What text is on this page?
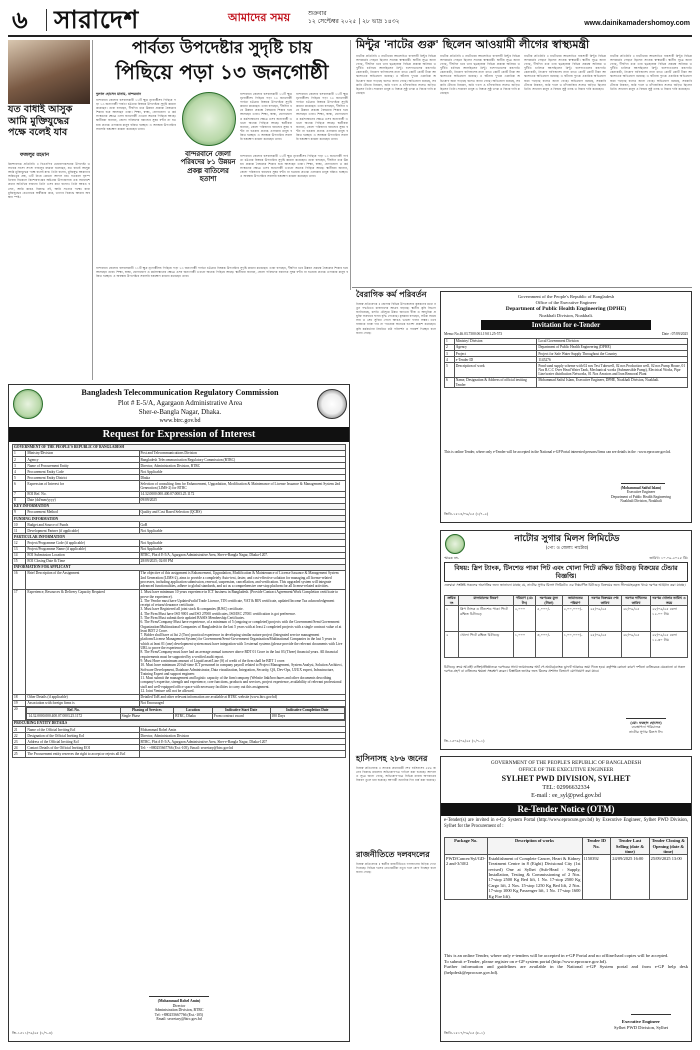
৬ সারাদেশ	আমাদের সময়	শুক্রবার
১২ সেপ্টেম্বর ২০২৫ | ২৮ ভাদ্র ১৪৩২	www.dainikamadershomoy.com
যত বাধাই আসুক আমি মুক্তিযুদ্ধের পক্ষে বলেই যাব
ফজলুর রহমান
কিশোরগঞ্জ প্রতিনিধি ॥ বিএনপির চেয়ারপারসনের উপদেষ্টা ও সাবেক সংসদ সদস্য ফজলুর রহমান বলেছেন, যত বাধাই আসুক আমি মুক্তিযুদ্ধের পক্ষে বলেই যাব। তিনি বলেন, মুক্তিযুদ্ধ আমাদের অস্তিত্বের প্রশ্ন, এটি নিয়ে কোনো আপস নয়। গতকাল বৃহস্পতিবার বিকেলে কিশোরগঞ্জের অষ্টগ্রাম উপজেলায় এক সমাবেশে প্রধান অতিথির বক্তব্যে তিনি এসব কথা বলেন। তিনি আরও বলেন, আমি কারও বিরুদ্ধে নই, আমি সত্যের পক্ষে। যারা মুক্তিযুদ্ধের চেতনাকে অস্বীকার করে, তাদের বিরুদ্ধে আমার অবস্থান স্পষ্ট।
পার্বত্য উপদেষ্টার সুদৃষ্টি চায়
পিছিয়ে পড়া ১৩ জনগোষ্ঠী
দুলাল হোসেন মানাম, বান্দরবান
বান্দরবান জেলায় বসবাসকারী ১১টি ক্ষুদ্র নৃগোষ্ঠীসহ পিছিয়ে পড়া ১৩ জনগোষ্ঠী পার্বত্য চট্টগ্রাম বিষয়ক উপদেষ্টার সুদৃষ্টি কামনা করেছেন। তারা বলছেন, দীর্ঘদিন ধরে উন্নয়ন প্রকল্পে বৈষম্যের শিকার হয়ে আসছেন তারা। শিক্ষা, স্বাস্থ্য, যোগাযোগ ও কর্মসংস্থানের ক্ষেত্রে এসব জনগোষ্ঠী এখনো অনেক পিছিয়ে আছে। স্থানীয়রা জানান, জেলা পরিষদের বরাদ্দের সুষম বণ্টন না হওয়ায় প্রত্যন্ত এলাকার মানুষ বঞ্চিত হচ্ছেন। এ অবস্থায় উপদেষ্টার সরাসরি হস্তক্ষেপ কামনা করেছেন তারা।
বান্দরবান জেলায় বসবাসকারী ১১টি ক্ষুদ্র নৃগোষ্ঠীসহ পিছিয়ে পড়া ১৩ জনগোষ্ঠী পার্বত্য চট্টগ্রাম বিষয়ক উপদেষ্টার সুদৃষ্টি কামনা করেছেন। তারা বলছেন, দীর্ঘদিন ধরে উন্নয়ন প্রকল্পে বৈষম্যের শিকার হয়ে আসছেন তারা। শিক্ষা, স্বাস্থ্য, যোগাযোগ ও কর্মসংস্থানের ক্ষেত্রে এসব জনগোষ্ঠী এখনো অনেক পিছিয়ে আছে। স্থানীয়রা জানান, জেলা পরিষদের বরাদ্দের সুষম বণ্টন না হওয়ায় প্রত্যন্ত এলাকার মানুষ বঞ্চিত হচ্ছেন। এ অবস্থায় উপদেষ্টার সরাসরি হস্তক্ষেপ কামনা করেছেন তারা।
বান্দরবান জেলায় বসবাসকারী ১১টি ক্ষুদ্র নৃগোষ্ঠীসহ পিছিয়ে পড়া ১৩ জনগোষ্ঠী পার্বত্য চট্টগ্রাম বিষয়ক উপদেষ্টার সুদৃষ্টি কামনা করেছেন। তারা বলছেন, দীর্ঘদিন ধরে উন্নয়ন প্রকল্পে বৈষম্যের শিকার হয়ে আসছেন তারা। শিক্ষা, স্বাস্থ্য, যোগাযোগ ও কর্মসংস্থানের ক্ষেত্রে এসব জনগোষ্ঠী এখনো অনেক পিছিয়ে আছে। স্থানীয়রা জানান, জেলা পরিষদের বরাদ্দের সুষম বণ্টন না হওয়ায় প্রত্যন্ত এলাকার মানুষ বঞ্চিত হচ্ছেন। এ অবস্থায় উপদেষ্টার সরাসরি হস্তক্ষেপ কামনা করেছেন তারা।
বান্দরবানে জেলা পরিষদের ৮১ উন্নয়ন প্রকল্প বাতিলের হতাশা
বান্দরবান জেলায় বসবাসকারী ১১টি ক্ষুদ্র নৃগোষ্ঠীসহ পিছিয়ে পড়া ১৩ জনগোষ্ঠী পার্বত্য চট্টগ্রাম বিষয়ক উপদেষ্টার সুদৃষ্টি কামনা করেছেন। তারা বলছেন, দীর্ঘদিন ধরে উন্নয়ন প্রকল্পে বৈষম্যের শিকার হয়ে আসছেন তারা। শিক্ষা, স্বাস্থ্য, যোগাযোগ ও কর্মসংস্থানের ক্ষেত্রে এসব জনগোষ্ঠী এখনো অনেক পিছিয়ে আছে। স্থানীয়রা জানান, জেলা পরিষদের বরাদ্দের সুষম বণ্টন না হওয়ায় প্রত্যন্ত এলাকার মানুষ বঞ্চিত হচ্ছেন। এ অবস্থায় উপদেষ্টার সরাসরি হস্তক্ষেপ কামনা করেছেন তারা।
বান্দরবান জেলায় বসবাসকারী ১১টি ক্ষুদ্র নৃগোষ্ঠীসহ পিছিয়ে পড়া ১৩ জনগোষ্ঠী পার্বত্য চট্টগ্রাম বিষয়ক উপদেষ্টার সুদৃষ্টি কামনা করেছেন। তারা বলছেন, দীর্ঘদিন ধরে উন্নয়ন প্রকল্পে বৈষম্যের শিকার হয়ে আসছেন তারা। শিক্ষা, স্বাস্থ্য, যোগাযোগ ও কর্মসংস্থানের ক্ষেত্রে এসব জনগোষ্ঠী এখনো অনেক পিছিয়ে আছে। স্থানীয়রা জানান, জেলা পরিষদের বরাদ্দের সুষম বণ্টন না হওয়ায় প্রত্যন্ত এলাকার মানুষ বঞ্চিত হচ্ছেন। এ অবস্থায় উপদেষ্টার সরাসরি হস্তক্ষেপ কামনা করেছেন তারা।
মিন্টুর 'নাটের গুরু' ছিলেন আওয়ামী লীগের স্বাস্থ্যমন্ত্রী
নাটোর প্রতিনিধি ॥ নাটোরের আলোচিত ব্যবসায়ী মিন্টুর বিভিন্ন অপকর্মের পেছনে ছিলেন সাবেক স্বাস্থ্যমন্ত্রী। স্থানীয় সূত্রে জানা গেছে, দীর্ঘদিন ধরে তার ছত্রছায়ায় বিভিন্ন প্রকল্পে অনিয়ম ও দুর্নীতি চালিয়ে আসছিলেন মিন্টু। হাসপাতালের যন্ত্রপাতি কেনাকাটা, নিয়োগ বাণিজ্যসহ নানা খাতে কোটি কোটি টাকা আত্মসাতের অভিযোগ রয়েছে। এ ঘটনায় দুদকে একাধিক অভিযোগ জমা পড়েছে বলেও জানা গেছে। অভিযোগ রয়েছে, সরকারি টেন্ডার নিয়ন্ত্রণ, জমি দখল ও চাঁদাবাজির সঙ্গেও জড়িত ছিলেন তিনি। সাধারণ মানুষ এ বিষয়ে সুষ্ঠু তদন্ত ও বিচার দাবি করেছেন।
নাটোর প্রতিনিধি ॥ নাটোরের আলোচিত ব্যবসায়ী মিন্টুর বিভিন্ন অপকর্মের পেছনে ছিলেন সাবেক স্বাস্থ্যমন্ত্রী। স্থানীয় সূত্রে জানা গেছে, দীর্ঘদিন ধরে তার ছত্রছায়ায় বিভিন্ন প্রকল্পে অনিয়ম ও দুর্নীতি চালিয়ে আসছিলেন মিন্টু। হাসপাতালের যন্ত্রপাতি কেনাকাটা, নিয়োগ বাণিজ্যসহ নানা খাতে কোটি কোটি টাকা আত্মসাতের অভিযোগ রয়েছে। এ ঘটনায় দুদকে একাধিক অভিযোগ জমা পড়েছে বলেও জানা গেছে। অভিযোগ রয়েছে, সরকারি টেন্ডার নিয়ন্ত্রণ, জমি দখল ও চাঁদাবাজির সঙ্গেও জড়িত ছিলেন তিনি। সাধারণ মানুষ এ বিষয়ে সুষ্ঠু তদন্ত ও বিচার দাবি করেছেন।
নাটোর প্রতিনিধি ॥ নাটোরের আলোচিত ব্যবসায়ী মিন্টুর বিভিন্ন অপকর্মের পেছনে ছিলেন সাবেক স্বাস্থ্যমন্ত্রী। স্থানীয় সূত্রে জানা গেছে, দীর্ঘদিন ধরে তার ছত্রছায়ায় বিভিন্ন প্রকল্পে অনিয়ম ও দুর্নীতি চালিয়ে আসছিলেন মিন্টু। হাসপাতালের যন্ত্রপাতি কেনাকাটা, নিয়োগ বাণিজ্যসহ নানা খাতে কোটি কোটি টাকা আত্মসাতের অভিযোগ রয়েছে। এ ঘটনায় দুদকে একাধিক অভিযোগ জমা পড়েছে বলেও জানা গেছে। অভিযোগ রয়েছে, সরকারি টেন্ডার নিয়ন্ত্রণ, জমি দখল ও চাঁদাবাজির সঙ্গেও জড়িত ছিলেন তিনি। সাধারণ মানুষ এ বিষয়ে সুষ্ঠু তদন্ত ও বিচার দাবি করেছেন।
নাটোর প্রতিনিধি ॥ নাটোরের আলোচিত ব্যবসায়ী মিন্টুর বিভিন্ন অপকর্মের পেছনে ছিলেন সাবেক স্বাস্থ্যমন্ত্রী। স্থানীয় সূত্রে জানা গেছে, দীর্ঘদিন ধরে তার ছত্রছায়ায় বিভিন্ন প্রকল্পে অনিয়ম ও দুর্নীতি চালিয়ে আসছিলেন মিন্টু। হাসপাতালের যন্ত্রপাতি কেনাকাটা, নিয়োগ বাণিজ্যসহ নানা খাতে কোটি কোটি টাকা আত্মসাতের অভিযোগ রয়েছে। এ ঘটনায় দুদকে একাধিক অভিযোগ জমা পড়েছে বলেও জানা গেছে। অভিযোগ রয়েছে, সরকারি টেন্ডার নিয়ন্ত্রণ, জমি দখল ও চাঁদাবাজির সঙ্গেও জড়িত ছিলেন তিনি। সাধারণ মানুষ এ বিষয়ে সুষ্ঠু তদন্ত ও বিচার দাবি করেছেন।
বৈরাগিক কর্ম পরিবর্তন
নিজস্ব প্রতিবেদক ॥ জেলার বিভিন্ন উপজেলায় কৃষকদের মধ্যে নতুন পদ্ধতিতে চাষাবাদের আগ্রহ বাড়ছে। স্থানীয় কৃষি বিভাগ জানিয়েছে, চলতি মৌসুমে উন্নত জাতের বীজ ও আধুনিক প্রযুক্তি ব্যবহারে ফলন বৃদ্ধি পেয়েছে। কৃষকরা বলছেন, সঠিক সময়ে সার ও সেচ সুবিধা পেলে আরও ভালো ফলন সম্ভব। তবে বাজারে ন্যায্য দাম না পাওয়ায় অনেকে হতাশা প্রকাশ করেছেন। কৃষি কর্মকর্তারা নিয়মিত মাঠ পরিদর্শন ও পরামর্শ দিচ্ছেন বলে জানা গেছে।
হাসিনাসহ ২৮৬ জনের
নিজস্ব প্রতিবেদক ॥ সাবেক প্রধানমন্ত্রী শেখ হাসিনাসহ ২৮৬ জনের বিরুদ্ধে মামলার অভিযোগপত্র দাখিল করা হয়েছে। আদালত সূত্রে জানা গেছে, অভিযোগপত্রে বিভিন্ন ধারায় অপরাধের বিবরণ তুলে ধরা হয়েছে। আগামী শুনানির দিন ধার্য করা হয়েছে।
রাজনীতিতে দলবদলের
নিজস্ব প্রতিবেদক ॥ স্থানীয় রাজনীতিতে দলবদলের হিড়িক দেখা দিয়েছে। বিভিন্ন দলের নেতাকর্মীরা নতুন দলে যোগ দিচ্ছেন বলে জানা গেছে।
Bangladesh Telecommunication Regulatory Commission
Plot # E-5/A, Agargaon Administrative Area
Sher-e-Bangla Nagar, Dhaka.
www.btrc.gov.bd
Request for Expression of Interest
GOVERNMENT OF THE PEOPLE'S REPUBLIC OF BANGLADESH
1	Ministry/Division	Post and Telecommunications Division
2	Agency	Bangladesh Telecommunication Regulatory Commission (BTRC)
3	Name of Procurement Entity	Director, Administration Division, BTRC
4	Procurement Entity Code	Not Applicable
5	Procurement Entity District	Dhaka
6	Expression of Interest for	Selection of consulting firm for Enhancement, Upgradation, Modification & Maintenance of License Issuance & Management System 2nd Generation (LIMS-2) for BTRC
7	EOI Ref. No.	14.32.0000.000.400.07.0003.25.1172
8	Date (dd/mm/yyyy)	09/09/2025
KEY INFORMATION
9	Procurement Method	Quality and Cost Based Selection (QCBS)
FUNDING INFORMATION
10	Budget and Source of Funds	GoB
11	Development Partner (if applicable)	Not Applicable
PARTICULAR INFORMATION
12	Project/Programme Code (if applicable)	Not Applicable
13	Project/Programme Name (if applicable)	Not Applicable
14	EOI Submission Location	BTRC, Plot # E-5/A, Agargaon Administrative Area, Sher-e-Bangla Nagar, Dhaka-1207.
15	EOI Closing Date & Time	28/09/2025; 02:00 PM
INFORMATION FOR APPLICANT
16	Brief Description of the Assignment	The objective of this assignment is Enhancement, Upgradation, Modification & Maintenance of License Issuance & Management System 2nd Generation (LIMS-2), aims to provide a completely Auto-text, faster, and cost-effective solution for managing all license-related processes, including application submission, renewal, suspension, cancellation, and verification. This upgraded system will integrate advanced functionalities, adhere to global standards, and act as a comprehensive one-stop platform for all license-related activities.
17	Experience, Resources & Delivery Capacity Required	1. Must have minimum 10 years experience in ICT business in Bangladesh. (Provide Contract Agreement/Work Completion certificate to prove the experience).
2. The Vendor must have Updated/valid Trade Licence, TIN certificate, VAT & BIN certificate, updated Income Tax acknowledgement receipt of return/clearance certificate.
3. Must have Registered all joint stock & companies (RJSC) certificate.
4. The Firm Must have ISO 9001 and ISO 27000 certificates, ISO/IEC 27001 certification is got preference.
5. The Firm Must submit their updated BASIS Membership Certificates.
6. The Firm/Company Must have experience, of a minimum of 5 (ongoing or completed) projects with the Government/Semi Government Organization/Multinational Companies of Bangladesh in the last 5 years with at least 2 completed projects with a single contract value of at least BDT 2 Crore.
7. Bidder shall have at list 2 (Two) practical experience in developing similar nature project (Integrated service management platform/License Management System) for Government/Semi-Government Organization/Multinational Companies in the last 5 years in which at least 01 (one) development system must have integration with 3 external systems (please provide the relevant documents with Live URL to prove the experience).
8. The Firm/Company must have had an average annual turnover above BDT 01 Crore in the last 03 (Three) financial years. All financial requirements must be supported by a verified audit report.
9. Must Have a minimum amount of Liquid asset/Line (S) of credit of the firm shall be BDT 1 crore.
10. Must have minimum 20 full-time ICT personnel in company payroll related to Project Management, System Analyst, Solution Architect, Software Development, Database Administrator, Data visualization, Integration, Security, QA, Dev-Ops, UI/UX expert, Infrastructure, Training Expert and support engineer.
11. Must submit the management and logistic capacity of the firm/company (Website link/brochures and other documents describing company's expertise, strength and experience, core functions, products and services, project experience, availability of relevant professional staff and well-equipped office space with necessary facilities to carry out this assignment.
12. Joint Venture will not be allowed.

18	Other Details (if applicable)	Detailed ToR and other relevant information are available at BTRC website (www.btrc.gov.bd)
19	Association with foreign firms is	Not Encouraged
20		Ref. No.	Phasing of Services	Location	Indicative Start Date	Indicative Completion Date
14.32.0000.000.400.07.0003.25.1172	Single Phase	BTRC, Dhaka	From contract award	180 Days

PROCURING ENTITY DETAILS
21	Name of the Official Inviting EoI	Mohammad Rohel Amin
22	Designation of the Official Inviting EoI	Director, Administration Division
23	Address of the Official Inviting EoI	BTRC, Plot # E-5/A, Agargaon Administrative Area, Sher-e-Bangla Nagar, Dhaka-1207
24	Contact Details of the Official Inviting EOI	Tel: - +880255667766 (Ext.-105), Email: secretary@btrc.gov.bd
25	The Procurement entity reserves the right to accept or rejects all EoI	
(Mohammad Rohel Amin)
Director
Administration Division, BTRC
Tel: +880255667766 (Ext.-105)
Email: secretary@btrc.gov.bd
জি-১৫১১/০৯/২৫ (১/৭–৪)
Government of the People's Republic of Bangladesh
Office of the Executive Engineer
Department of Public Health Engineering (DPHE)
Noakhali Division, Noakhali.
Invitation for e-Tender
Memo No.46.03.7500.061.19.01.25-573	Date : 07/09/2025
1	Ministry/ Division	Local Government Division
2	Agency	Department of Public Health Engineering (DPHE)
3	Project	Project for Safe Water Supply Throughout the Country
4	e-Tender ID	1145276
5	Description of work	Pond sand supply scheme with 02 nos Test Tubewell, 02 nos Production well, 02 nos Pump House, 01 Nos R.C.C Over Head Water Tank, Mechanical works (Submersible Pump), Electrical Works, Pipe Line/water distribution Networks, 01 Nos Aerators and Iron Removal Plant
6	Name, Designation & Address of official inviting Tender	Mohammad Saiful Islam, Executive Engineer, DPHE, Noakhali Division, Noakhali.
This is online Tender, where only e-Tender will be accepted in the National e-GP Portal interested persons/firms can see details in the : www.eprocure.gov.bd.
(Mohammad Saiful Islam)
Executive Engineer
Department of Public Health Engineering
Noakhali Division, Noakhali
জিডি-১৫১৪/০৯/২৫ (১/৭–২)
নাটোর সুগার মিলস লিমিটেড
(পো: ও জেলা: নাটোর)
স্মারক নং-	তারিখ: ১০.০৯.২০২৫ খ্রি:
বিষয়: স্লিপ ট্যাংক, টিনশেড পাকা পিট এবং খোলা পিটে রক্ষিত চিটাগুড় বিক্রয়ের টেন্ডার বিজ্ঞপ্তি।
এতদ্বারা সংশ্লিষ্ট সকলের অবগতির জন্য জানানো যাচ্ছে যে, নাটোর সুগার মিলস লিমিটেড এর নিম্নবর্ণিত চিটাগুড় বিক্রয়ের জন্য সীলমোহরকৃত খামে দরপত্র আহ্বান করা যাচ্ছে।
ক্রমিক নং	মালামালের বিবরণ	পরিমাণ (মে: টন)	দরপত্রের মূল্য (টাকা)	জামানতের পরিমাণ	দরপত্র বিক্রয়ের শেষ তারিখ	দরপত্র দাখিলের তারিখ	দরপত্র খোলার তারিখ ও সময়
১	স্লিপ ট্যাংক ও টিনশেড পাকা পিটে রক্ষিত চিটাগুড়	২,০০০	৫,০০০/-	২,০০,০০০/-	২৫/০৯/২৫	২৮/০৯/২৫	২৮/০৯/২৫ বেলা ১২.০০ টায়
২	খোলা পিটে রক্ষিত চিটাগুড়	১,০০০	৩,০০০/-	১,০০,০০০/-	২৫/০৯/২৫	২৮/০৯/২৫	২৮/০৯/২৫ বেলা ১২.৩০ টায়
চিটাগুড় ক্রয়ে আগ্রহী ব্যক্তি/প্রতিষ্ঠানকে দরপত্রের সাথে জামানতের অর্থ পে-অর্ডার/ব্যাংক ড্রাফট আকারে জমা দিতে হবে। কর্তৃপক্ষ কোনো কারণ দর্শানো ব্যতিরেকে যেকোনো বা সকল দরপত্র গ্রহণ বা বাতিলের ক্ষমতা সংরক্ষণ করেন। বিস্তারিত তথ্যের জন্য মিলের প্রশাসন বিভাগে যোগাযোগ করা যাবে।
(মো: ফরহাদ হোসেন)
ব্যবস্থাপনা পরিচালক
নাটোর সুগার মিলস লি:
জি-১৫০৯/০৯/২৫ (১/৭–১)
GOVERNMENT OF THE PEOPLE'S REPUBLIC OF BANGLADESH
OFFICE OF THE EXECUTIVE ENGINEER
SYLHET PWD DIVISION, SYLHET
TEL: 02996632334
E-mail : ee_syl@pwd.gov.bd
Re-Tender Notice (OTM)
e-Tender(s) are invited in e-Gp System Portal (http://www.eprocure.gov.bd) by Executive Engineer, Sylhet PWD Division, Sylhet for the Procurement of :
Package No.	Description of works	Tender ID No.	Tender Last Selling (date & time)	Tender Closing & Opening (date & time)
PWD/Cancer/Syl/GD-2 and-3/30/2	Establishment of Complete Cancer, Heart & Kidney Treatment Centre in 8 (Eight) Divisional City (1st revised) One at Sylhet (Sub-Head : Supply, Installation, Testing & Commissioning of 2 Nos. 17-stop 2500 Kg Bed lift, 1 No. 17-stop 2500 Kg Cargo lift, 2 Nos. 15-stop 1250 Kg Bed lift, 2 Nos. 17-stop 1000 Kg Passenger lift, 1 No. 17-stop 1600 Kg Fire lift).	1150392	24/09/2025 16:00	25/09/2025 13:00
This is an online Tender, where only e-tenders will be accepted in e-GP Portal and no offline/hard copies will be accepted.
To submit e-Tender, please register on e-GP system portal (http://www.eprocure.gov.bd).
Further information and guidelines are available in the National e-GP System portal and from e-GP help desk (helpdesk@eprocure.gov.bd).
Executive Engineer
Sylhet PWD Division, Sylhet
জিডি-১৫১৭/০৯/২৫ (৮–১)
